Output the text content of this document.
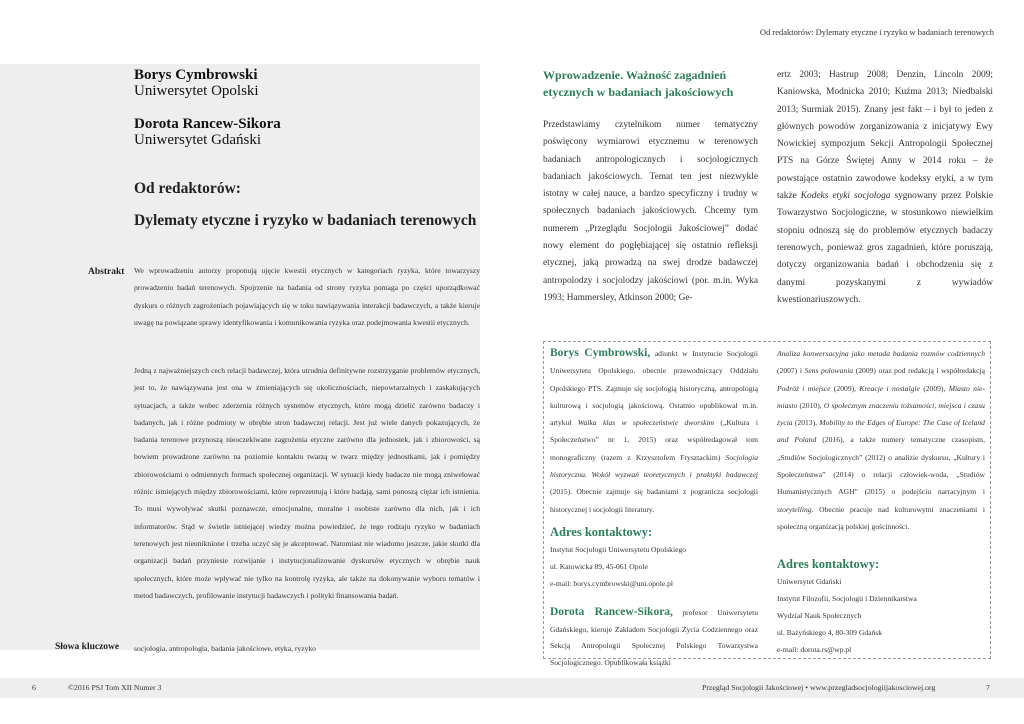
Od redaktorów: Dylematy etyczne i ryzyko w badaniach terenowych
Borys Cymbrowski
Uniwersytet Opolski
Dorota Rancew-Sikora
Uniwersytet Gdański
Od redaktorów:
Dylematy etyczne i ryzyko w badaniach terenowych
Abstrakt We wprowadzeniu autorzy proponują ujęcie kwestii etycznych w kategoriach ryzyka, które towarzyszy prowadzeniu badań terenowych. Spojrzenie na badania od strony ryzyka pomaga po części uporządkować dyskurs o różnych zagrożeniach pojawiających się w toku nawiązywania interakcji badawczych, a także kieruje uwagę na powiązane sprawy identyfikowania i komunikowania ryzyka oraz podejmowania kwestii etycznych.
Jedną z najważniejszych cech relacji badawczej, która utrudnia definitywne rozstrzyganie problemów etycznych, jest to, że nawiązywana jest ona w zmieniających się okolicznościach, niepowtarzalnych i zaskakujących sytuacjach, a także wobec zderzenia różnych systemów etycznych, które mogą dzielić zarówno badaczy i badanych, jak i różne podmioty w obrębie stron badawczej relacji. Jest już wiele danych pokazujących, że badania terenowe przynoszą nieoczekiwane zagrożenia etyczne zarówno dla jednostek, jak i zbiorowości, są bowiem prowadzone zarówno na poziomie kontaktu twarzą w twarz między jednostkami, jak i pomiędzy zbiorowościami o odmiennych formach społecznej organizacji. W sytuacji kiedy badacze nie mogą zniwelować różnic istniejących między zbiorowościami, które reprezentują i które badają, sami ponoszą ciężar ich istnienia. To musi wywoływać skutki poznawcze, emocjonalne, moralne i osobiste zarówno dla nich, jak i ich informatorów. Stąd w świetle istniejącej wiedzy można powiedzieć, że tego rodzaju ryzyko w badaniach terenowych jest nieuniknione i trzeba uczyć się je akceptować. Natomiast nie wiadomo jeszcze, jakie skutki dla organizacji badań przyniesie rozwijanie i instytucjonalizowanie dyskursów etycznych w obrębie nauk społecznych, które może wpływać nie tylko na kontrolę ryzyka, ale także na dokonywanie wyboru tematów i metod badawczych, profilowanie instytucji badawczych i polityki finansowania badań.
Słowa kluczowe socjologia, antropologia, badania jakościowe, etyka, ryzyko
Wprowadzenie. Ważność zagadnień etycznych w badaniach jakościowych
Przedstawiamy czytelnikom numer tematyczny poświęcony wymiarowi etycznemu w terenowych badaniach antropologicznych i socjologicznych badaniach jakościowych. Temat ten jest niezwykle istotny w całej nauce, a bardzo specyficzny i trudny w społecznych badaniach jakościowych. Chcemy tym numerem „Przeglądu Socjologii Jakościowej” dodać nowy element do pogłębiającej się ostatnio refleksji etycznej, jaką prowadzą na swej drodze badawczej antropolodzy i socjolodzy jakościowi (por. m.in. Wyka 1993; Hammersley, Atkinson 2000; Ge-
ertz 2003; Hastrup 2008; Denzin, Lincoln 2009; Kaniowska, Modnicka 2010; Kuźma 2013; Niedbalski 2013; Surmiak 2015). Znany jest fakt – i był to jeden z głównych powodów zorganizowania z inicjatywy Ewy Nowickiej sympozjum Sekcji Antropologii Społecznej PTS na Górze Świętej Anny w 2014 roku – że powstające ostatnio zawodowe kodeksy etyki, a w tym także Kodeks etyki socjologa sygnowany przez Polskie Towarzystwo Socjologiczne, w stosunkowo niewielkim stopniu odnoszą się do problemów etycznych badaczy terenowych, ponieważ gros zagadnień, które poruszają, dotyczy organizowania badań i obchodzenia się z danymi pozyskanymi z wywiadów kwestionariuszowych.
Borys Cymbrowski, adiunkt w Instytucie Socjologii Uniwersytetu Opolskiego, obecnie przewodniczący Oddziału Opolskiego PTS. Zajmuje się socjologią historyczną, antropologią kulturową i socjologią jakościową. Ostatnio opublikował m.in. artykuł Walka klas w społeczeństwie dworskim („Kultura i Społeczeństwo” nr 1, 2015) oraz współredagował tom monograficzny (razem z Krzysztofem Frysztackim) Socjologia historyczna. Wokół wyzwań teoretycznych i praktyki badawczej (2015). Obecnie zajmuje się badaniami z pogranicza socjologii historycznej i socjologii literatury.
Adres kontaktowy:
Instytut Socjologii Uniwersytetu Opolskiego
ul. Katowicka 89, 45-061 Opole
e-mail: borys.cymbrowski@uni.opole.pl
Dorota Rancew-Sikora, profesor Uniwersytetu Gdańskiego, kieruje Zakładem Socjologii Życia Codziennego oraz Sekcją Antropologii Społecznej Polskiego Towarzystwa Socjologicznego. Opublikowała książki
Analiza konwersacyjna jako metoda badania rozmów codziennych (2007) i Sens polowania (2009) oraz pod redakcją i współredakcją Podróż i miejsce (2009), Kreacje i nostalgie (2009), Miasto nie-miasto (2010), O społecznym znaczeniu tożsamości, miejsca i czasu życia (2013), Mobility to the Edges of Europe: The Case of Iceland and Poland (2016), a także numery tematyczne czasopism, „Studiów Socjologicznych” (2012) o analizie dyskursu, „Kultury i Społeczeństwa” (2014) o relacji człowiek-woda, „Studiów Humanistycznych AGH” (2015) o podejściu narracyjnym i storytelling. Obecnie pracuje nad kulturowymi znaczeniami i społeczną organizacją polskiej gościnności.
Adres kontaktowy:
Uniwersytet Gdański
Instytut Filozofii, Socjologii i Dziennikarstwa
Wydział Nauk Społecznych
ul. Bażyńskiego 4, 80-309 Gdańsk
e-mail: dorota.rs@wp.pl
6	©2016 PSJ Tom XII Numer 3	Przegląd Socjologii Jakościowej • www.przegladsocjologiijakosciowej.org	7
